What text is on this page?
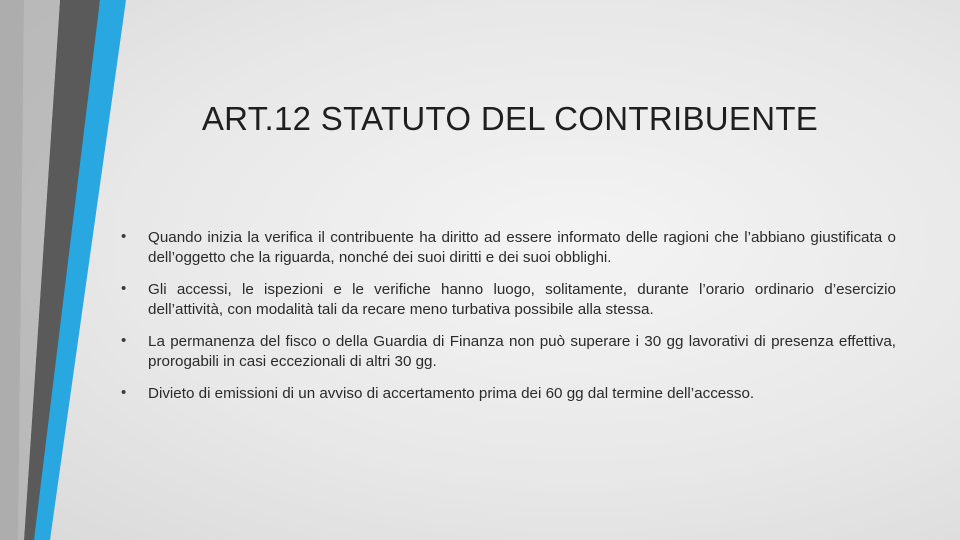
ART.12 STATUTO DEL CONTRIBUENTE
• Quando inizia la verifica il contribuente ha diritto ad essere informato delle ragioni che l’abbiano giustificata o dell’oggetto che la riguarda, nonché dei suoi diritti e dei suoi obblighi.
• Gli accessi, le ispezioni e le verifiche hanno luogo, solitamente, durante l’orario ordinario d’esercizio dell’attività, con modalità tali da recare meno turbativa possibile alla stessa.
• La permanenza del fisco o della Guardia di Finanza non può superare i 30 gg lavorativi di presenza effettiva, prorogabili in casi eccezionali di altri 30 gg.
• Divieto di emissioni di un avviso di accertamento prima dei 60 gg dal termine dell’accesso.
